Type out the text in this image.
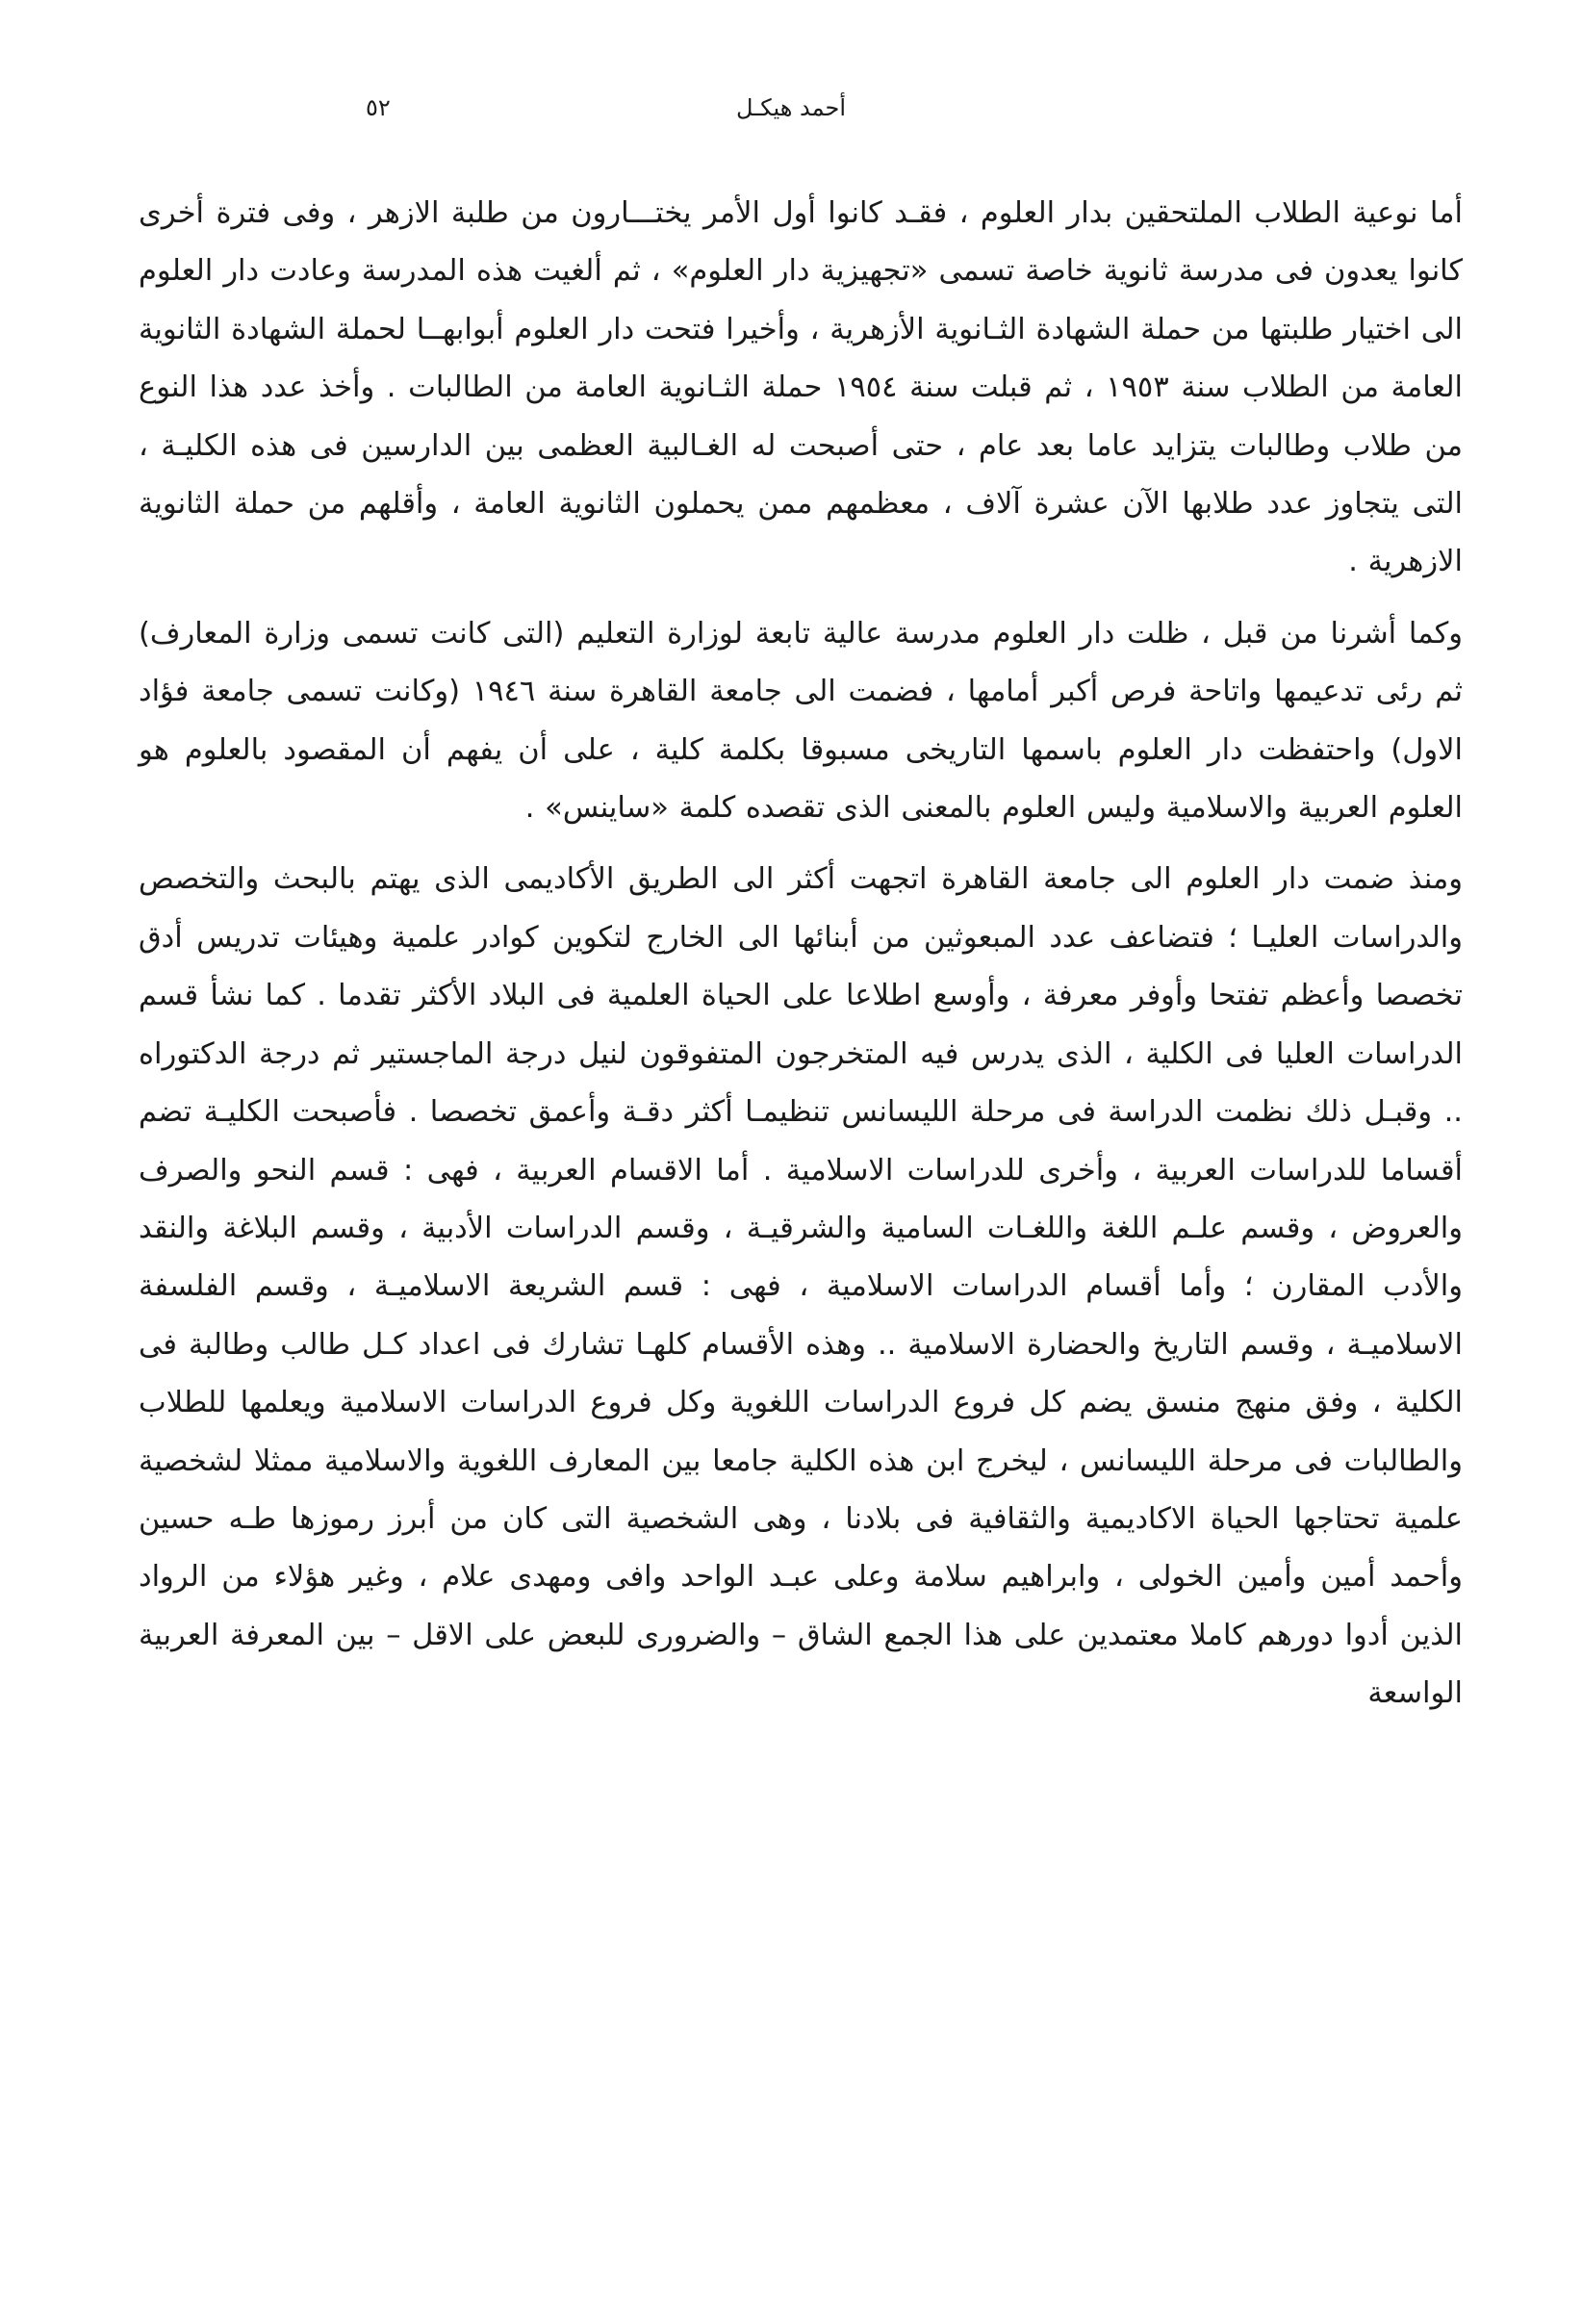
أحمد هيكـل
٥٢

أما نوعية الطلاب الملتحقين بدار العلوم ، فقـد كانوا أول الأمر يختـــارون من طلبة الازهر ، وفى فترة أخرى كانوا يعدون فى مدرسة ثانوية خاصة تسمى «تجهيزية دار العلوم» ، ثم ألغيت هذه المدرسة وعادت دار العلوم الى اختيار طلبتها من حملة الشهادة الثـانوية الأزهرية ، وأخيرا فتحت دار العلوم أبوابهــا لحملة الشهادة الثانوية العامة من الطلاب سنة ١٩٥٣ ، ثم قبلت سنة ١٩٥٤ حملة الثـانوية العامة من الطالبات . وأخذ عدد هذا النوع من طلاب وطالبات يتزايد عاما بعد عام ، حتى أصبحت له الغـالبية العظمى بين الدارسين فى هذه الكليـة ، التى يتجاوز عدد طلابها الآن عشرة آلاف ، معظمهم ممن يحملون الثانوية العامة ، وأقلهم من حملة الثانوية الازهرية .

وكما أشرنا من قبل ، ظلت دار العلوم مدرسة عالية تابعة لوزارة التعليم (التى كانت تسمى وزارة المعارف) ثم رئى تدعيمها واتاحة فرص أكبر أمامها ، فضمت الى جامعة القاهرة سنة ١٩٤٦ (وكانت تسمى جامعة فؤاد الاول) واحتفظت دار العلوم باسمها التاريخى مسبوقا بكلمة كلية ، على أن يفهم أن المقصود بالعلوم هو العلوم العربية والاسلامية وليس العلوم بالمعنى الذى تقصده كلمة «ساينس» .

ومنذ ضمت دار العلوم الى جامعة القاهرة اتجهت أكثر الى الطريق الأكاديمى الذى يهتم بالبحث والتخصص والدراسات العليـا ؛ فتضاعف عدد المبعوثين من أبنائها الى الخارج لتكوين كوادر علمية وهيئات تدريس أدق تخصصا وأعظم تفتحا وأوفر معرفة ، وأوسع اطلاعا على الحياة العلمية فى البلاد الأكثر تقدما . كما نشأ قسم الدراسات العليا فى الكلية ، الذى يدرس فيه المتخرجون المتفوقون لنيل درجة الماجستير ثم درجة الدكتوراه .. وقبـل ذلك نظمت الدراسة فى مرحلة الليسانس تنظيمـا أكثر دقـة وأعمق تخصصا . فأصبحت الكليـة تضم أقساما للدراسات العربية ، وأخرى للدراسات الاسلامية . أما الاقسام العربية ، فهى : قسم النحو والصرف والعروض ، وقسم علـم اللغة واللغـات السامية والشرقيـة ، وقسم الدراسات الأدبية ، وقسم البلاغة والنقد والأدب المقارن ؛ وأما أقسام الدراسات الاسلامية ، فهى : قسم الشريعة الاسلاميـة ، وقسم الفلسفة الاسلاميـة ، وقسم التاريخ والحضارة الاسلامية .. وهذه الأقسام كلهـا تشارك فى اعداد كـل طالب وطالبة فى الكلية ، وفق منهج منسق يضم كل فروع الدراسات اللغوية وكل فروع الدراسات الاسلامية ويعلمها للطلاب والطالبات فى مرحلة الليسانس ، ليخرج ابن هذه الكلية جامعا بين المعارف اللغوية والاسلامية ممثلا لشخصية علمية تحتاجها الحياة الاكاديمية والثقافية فى بلادنا ، وهى الشخصية التى كان من أبرز رموزها طـه حسين وأحمد أمين وأمين الخولى ، وابراهيم سلامة وعلى عبـد الواحد وافى ومهدى علام ، وغير هؤلاء من الرواد الذين أدوا دورهم كاملا معتمدين على هذا الجمع الشاق – والضرورى للبعض على الاقل – بين المعرفة العربية الواسعة
